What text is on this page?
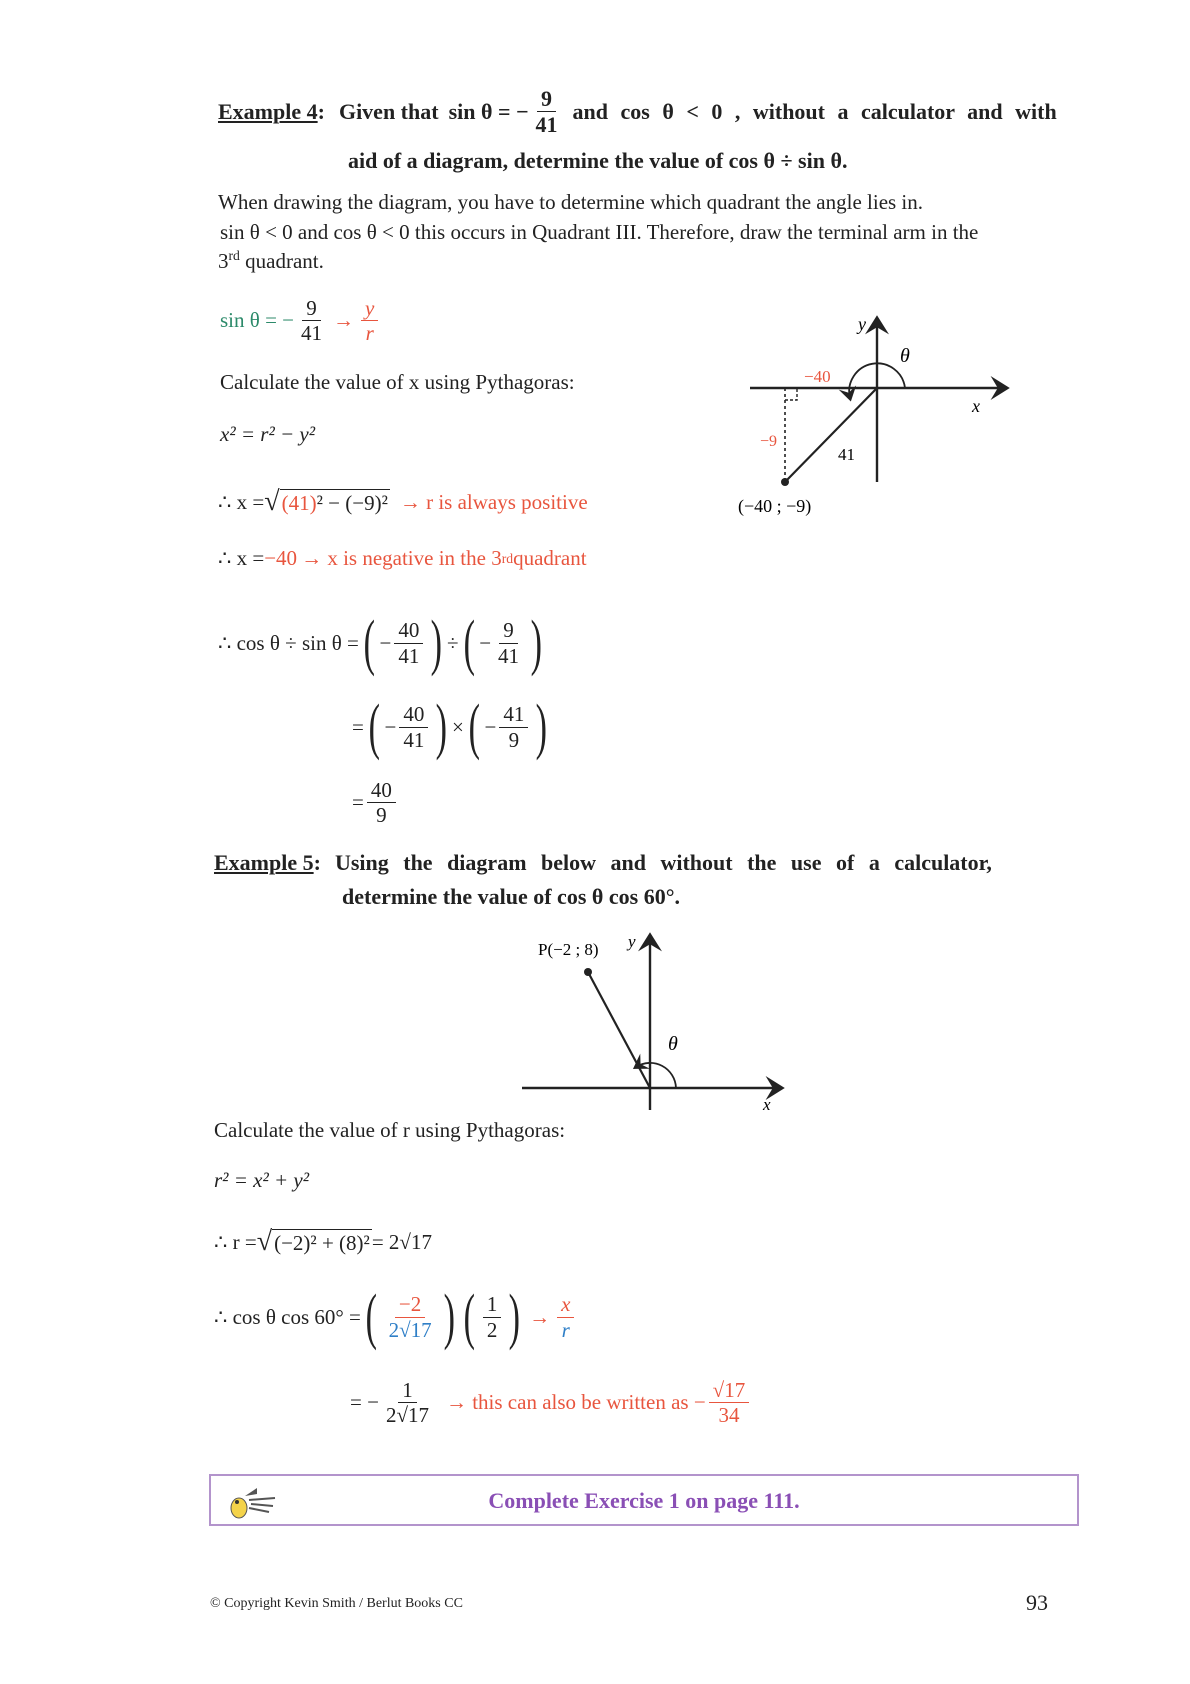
Example 4 : Given that sin θ = − $\frac{9}{41}$ and cos θ < 0 , without a calculator and with
aid of a diagram, determine the value of cos θ ÷ sin θ.
When drawing the diagram, you have to determine which quadrant the angle lies in.
sin θ < 0 and cos θ < 0 this occurs in Quadrant III. Therefore, draw the terminal arm in the
3rd quadrant.
sin θ = − $\frac{9}{41} \to \frac{y}{r}$
Calculate the value of x using Pythagoras:
x² = r² − y²
∴ x = √ (41)² − (−9)² → r is always positive
∴ x = −40 → x is negative in the 3 rd quadrant
∴ cos θ ÷ sin θ = ( − $\frac{40}{41}$ ) ÷ ( − $\frac{9}{41}$ )
= ( − $\frac{40}{41}$ ) × ( − $\frac{41}{9}$ )
= $\frac{40}{9}$
y
x
θ
−40
−9
41
(−40 ; −9)
Example 5 : Using the diagram below and without the use of a calculator,
determine the value of cos θ cos 60°.
P(−2 ; 8) y
x
θ
Calculate the value of r using Pythagoras:
r² = x² + y²
∴ r = √ (−2)² + (8)² = 2√17
∴ cos θ cos 60° = ( $\frac{-2}{2√17}$ ) ( $\frac{1}{2}$ ) → $\frac{x}{r}$
= − $\frac{1}{2√17}$ → this can also be written as − $\frac{√17}{34}$
Complete Exercise 1 on page 111.
© Copyright Kevin Smith / Berlut Books CC	93
